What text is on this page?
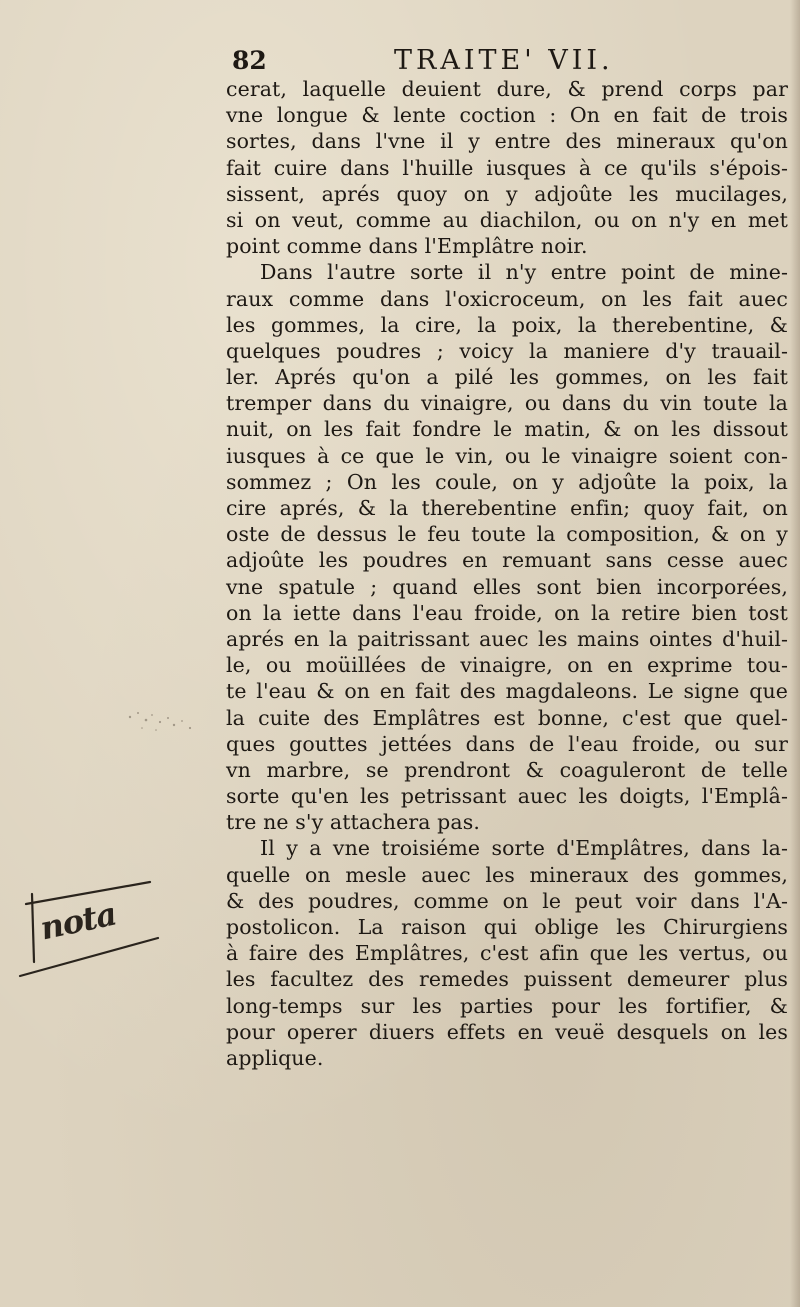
82	TRAITE' VII.
cerat, laquelle deuient dure, & prend corps par
vne longue & lente coction : On en fait de trois
sortes, dans l'vne il y entre des mineraux qu'on
fait cuire dans l'huille iusques à ce qu'ils s'épois-
sissent, aprés quoy on y adjoûte les mucilages,
si on veut, comme au diachilon, ou on n'y en met
point comme dans l'Emplâtre noir.
Dans l'autre sorte il n'y entre point de mine-
raux comme dans l'oxicroceum, on les fait auec
les gommes, la cire, la poix, la therebentine, &
quelques poudres ; voicy la maniere d'y trauail-
ler. Aprés qu'on a pilé les gommes, on les fait
tremper dans du vinaigre, ou dans du vin toute la
nuit, on les fait fondre le matin, & on les dissout
iusques à ce que le vin, ou le vinaigre soient con-
sommez ; On les coule, on y adjoûte la poix, la
cire aprés, & la therebentine enfin; quoy fait, on
oste de dessus le feu toute la composition, & on y
adjoûte les poudres en remuant sans cesse auec
vne spatule ; quand elles sont bien incorporées,
on la iette dans l'eau froide, on la retire bien tost
aprés en la paitrissant auec les mains ointes d'huil-
le, ou moüillées de vinaigre, on en exprime tou-
te l'eau & on en fait des magdaleons. Le signe que
la cuite des Emplâtres est bonne, c'est que quel-
ques gouttes jettées dans de l'eau froide, ou sur
vn marbre, se prendront & coaguleront de telle
sorte qu'en les petrissant auec les doigts, l'Emplâ-
tre ne s'y attachera pas.
Il y a vne troisiéme sorte d'Emplâtres, dans la-
quelle on mesle auec les mineraux des gommes,
& des poudres, comme on le peut voir dans l'A-
postolicon. La raison qui oblige les Chirurgiens
à faire des Emplâtres, c'est afin que les vertus, ou
les facultez des remedes puissent demeurer plus
long-temps sur les parties pour les fortifier, &
pour operer diuers effets en veuë desquels on les
applique.
nota
